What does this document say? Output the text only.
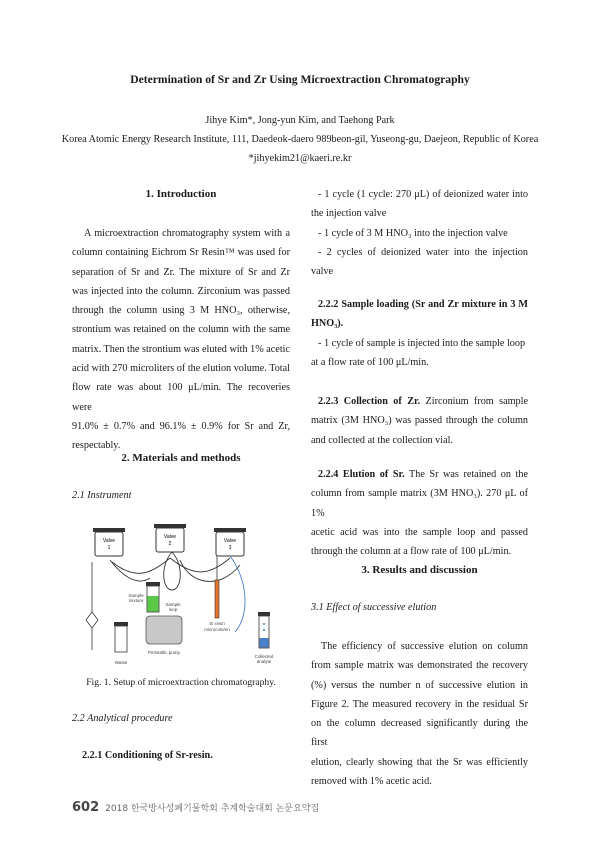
Determination of Sr and Zr Using Microextraction Chromatography
Jihye Kim*, Jong-yun Kim, and Taehong Park
Korea Atomic Energy Research Institute, 111, Daedeok-daero 989beon-gil, Yuseong-gu, Daejeon, Republic of Korea
*jihyekim21@kaeri.re.kr
1. Introduction

A microextraction chromatography system with a

column containing Eichrom Sr Resin™ was used for

separation of Sr and Zr. The mixture of Sr and Zr

was injected into the column. Zirconium was passed

through the column using 3 M HNO₃, otherwise,

strontium was retained on the column with the same

matrix. Then the strontium was eluted with 1% acetic

acid with 270 microliters of the elution volume. Total

flow rate was about 100 μL/min. The recoveries were

91.0% ± 0.7% and 96.1% ± 0.9% for Sr and Zr,

respectably.

2. Materials and methods
2.1 Instrument
Valve
1
Valve
2	Valve
3
Sample
mixture
Sample
loop
Sr resin
microcolumn
Waste
Peristaltic pump
Collected
analyte
Fig. 1. Setup of microextraction chromatography.
2.2 Analytical procedure
2.2.1 Conditioning of Sr-resin.

- 1 cycle (1 cycle: 270 μL) of deionized water into

the injection valve

- 1 cycle of 3 M HNO₃ into the injection valve

- 2 cycles of deionized water into the injection

valve

2.2.2 Sample loading (Sr and Zr mixture in 3 M

HNO₃).

- 1 cycle of sample is injected into the sample loop

at a flow rate of 100 μL/min.

2.2.3 Collection of Zr. Zirconium from sample

matrix (3M HNO₃) was passed through the column

and collected at the collection vial.

2.2.4 Elution of Sr. The Sr was retained on the

column from sample matrix (3M HNO₃). 270 μL of 1%

acetic acid was into the sample loop and passed

through the column at a flow rate of 100 μL/min.

3. Results and discussion
3.1 Effect of successive elution

The efficiency of successive elution on column

from sample matrix was demonstrated the recovery

(%) versus the number n of successive elution in

Figure 2. The measured recovery in the residual Sr

on the column decreased significantly during the first

elution, clearly showing that the Sr was efficiently

removed with 1% acetic acid.

602 2018 한국방사성폐기물학회 추계학술대회 논문요약집
